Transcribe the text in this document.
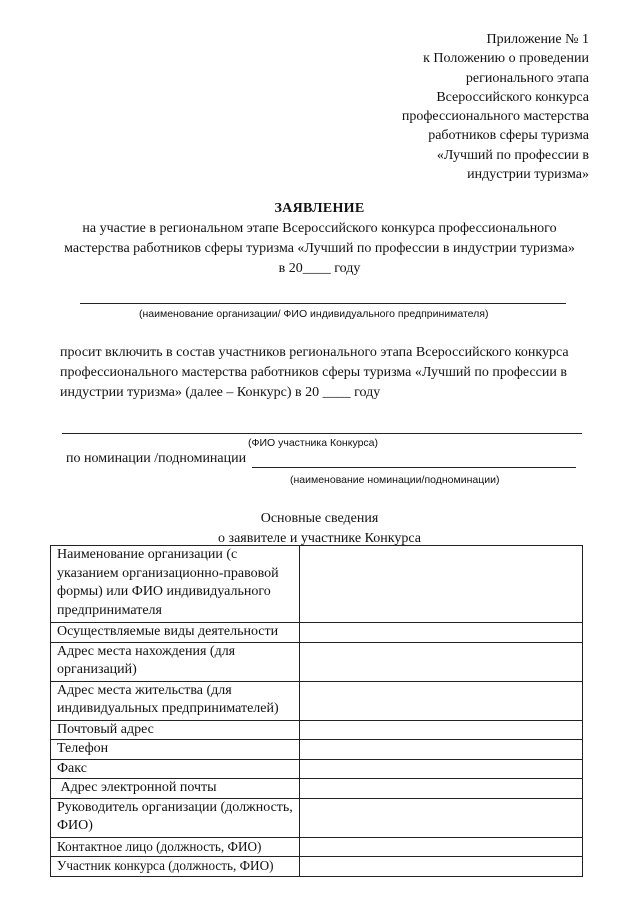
Приложение № 1
к Положению о проведении
регионального этапа
Всероссийского конкурса
профессионального мастерства
работников сферы туризма
«Лучший по профессии в
индустрии туризма»
ЗАЯВЛЕНИЕ
на участие в региональном этапе Всероссийского конкурса профессионального
мастерства работников сферы туризма «Лучший по профессии в индустрии туризма»
в 20____ году
(наименование организации/ ФИО индивидуального предпринимателя)
просит включить в состав участников регионального этапа Всероссийского конкурса
профессионального мастерства работников сферы туризма «Лучший по профессии в
индустрии туризма» (далее – Конкурс) в 20 ____ году
(ФИО участника Конкурса)
по номинации /подноминации
(наименование номинации/подноминации)
Основные сведения
о заявителе и участнике Конкурса
Наименование организации (с указанием организационно-правовой формы) или ФИО индивидуального предпринимателя	
Осуществляемые виды деятельности	
Адрес места нахождения (для организаций)	
Адрес места жительства (для индивидуальных предпринимателей)	
Почтовый адрес	
Телефон	
Факс	
Адрес электронной почты	
Руководитель организации (должность, ФИО)	
Контактное лицо (должность, ФИО)	
Участник конкурса (должность, ФИО)	
